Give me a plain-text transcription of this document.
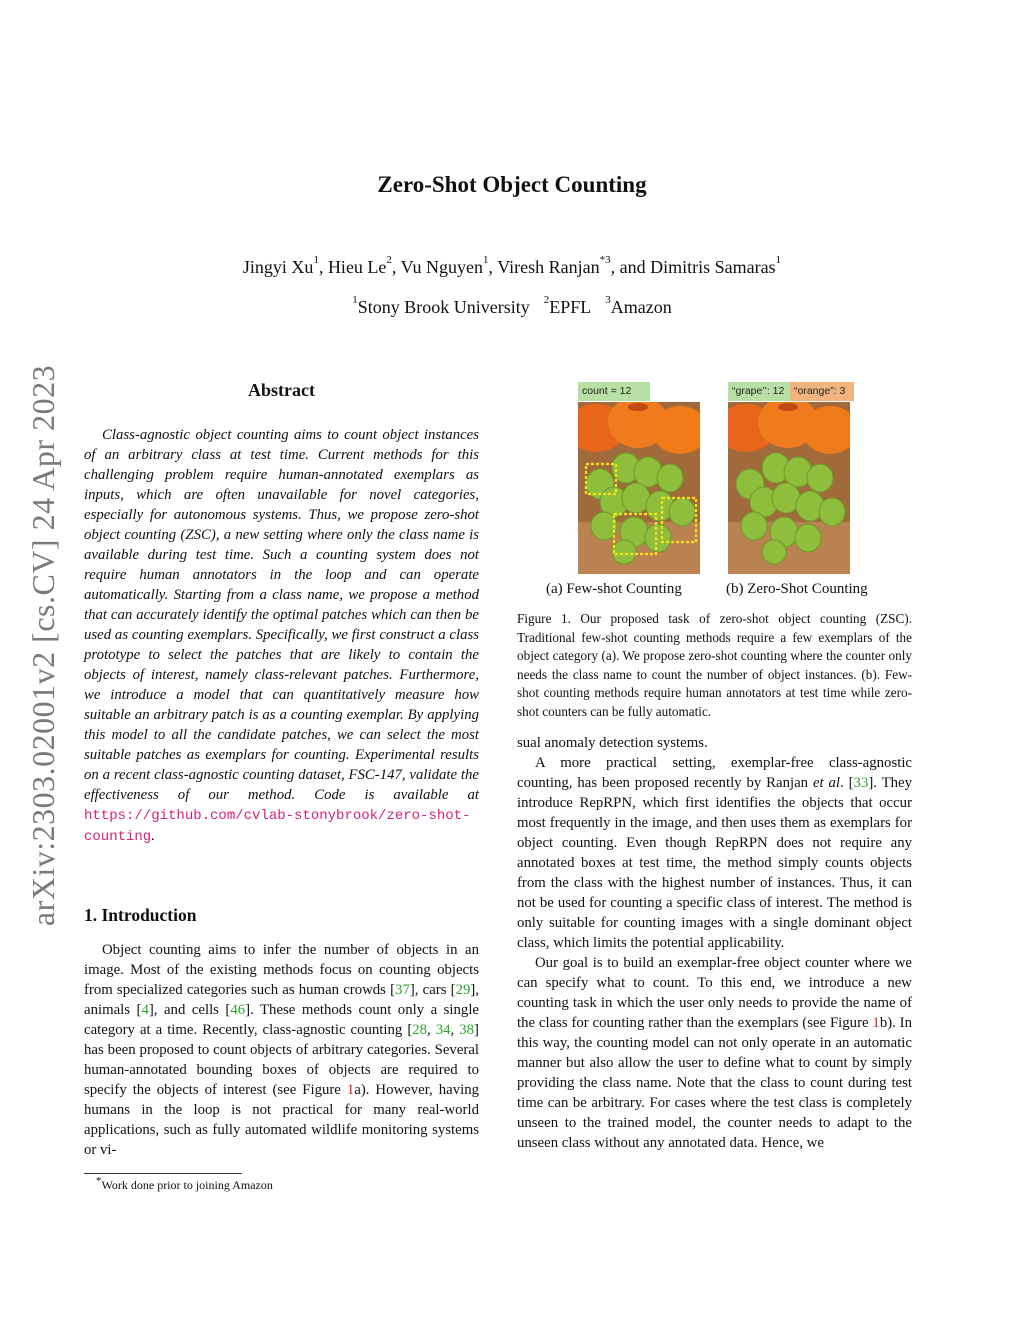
arXiv:2303.02001v2 [cs.CV] 24 Apr 2023
Zero-Shot Object Counting
Jingyi Xu$^1$, Hieu Le$^2$, Vu Nguyen$^1$, Viresh Ranjan$^{*3}$, and Dimitris Samaras$^1$
$^1$Stony Brook University $^2$EPFL $^3$Amazon
Abstract

Class-agnostic object counting aims to count object instances of an arbitrary class at test time. Current methods for this challenging problem require human-annotated exemplars as inputs, which are often unavailable for novel categories, especially for autonomous systems. Thus, we propose zero-shot object counting (ZSC), a new setting where only the class name is available during test time. Such a counting system does not require human annotators in the loop and can operate automatically. Starting from a class name, we propose a method that can accurately identify the optimal patches which can then be used as counting exemplars. Specifically, we first construct a class prototype to select the patches that are likely to contain the objects of interest, namely class-relevant patches. Furthermore, we introduce a model that can quantitatively measure how suitable an arbitrary patch is as a counting exemplar. By applying this model to all the candidate patches, we can select the most suitable patches as exemplars for counting. Experimental results on a recent class-agnostic counting dataset, FSC-147, validate the effectiveness of our method. Code is available at https://github.com/cvlab-stonybrook/zero-shot-counting.

1. Introduction

Object counting aims to infer the number of objects in an image. Most of the existing methods focus on counting objects from specialized categories such as human crowds [37], cars [29], animals [4], and cells [46]. These methods count only a single category at a time. Recently, class-agnostic counting [28, 34, 38] has been proposed to count objects of arbitrary categories. Several human-annotated bounding boxes of objects are required to specify the objects of interest (see Figure 1a). However, having humans in the loop is not practical for many real-world applications, such as fully automated wildlife monitoring systems or vi-

*Work done prior to joining Amazon
count = 12	“grape’’: 12 “orange”: 3
(a) Few-shot Counting	(b) Zero-Shot Counting
Figure 1. Our proposed task of zero-shot object counting (ZSC). Traditional few-shot counting methods require a few exemplars of the object category (a). We propose zero-shot counting where the counter only needs the class name to count the number of object instances. (b). Few-shot counting methods require human annotators at test time while zero-shot counters can be fully automatic.

sual anomaly detection systems.

A more practical setting, exemplar-free class-agnostic counting, has been proposed recently by Ranjan et al. [33]. They introduce RepRPN, which first identifies the objects that occur most frequently in the image, and then uses them as exemplars for object counting. Even though RepRPN does not require any annotated boxes at test time, the method simply counts objects from the class with the highest number of instances. Thus, it can not be used for counting a specific class of interest. The method is only suitable for counting images with a single dominant object class, which limits the potential applicability.

Our goal is to build an exemplar-free object counter where we can specify what to count. To this end, we introduce a new counting task in which the user only needs to provide the name of the class for counting rather than the exemplars (see Figure 1b). In this way, the counting model can not only operate in an automatic manner but also allow the user to define what to count by simply providing the class name. Note that the class to count during test time can be arbitrary. For cases where the test class is completely unseen to the trained model, the counter needs to adapt to the unseen class without any annotated data. Hence, we
